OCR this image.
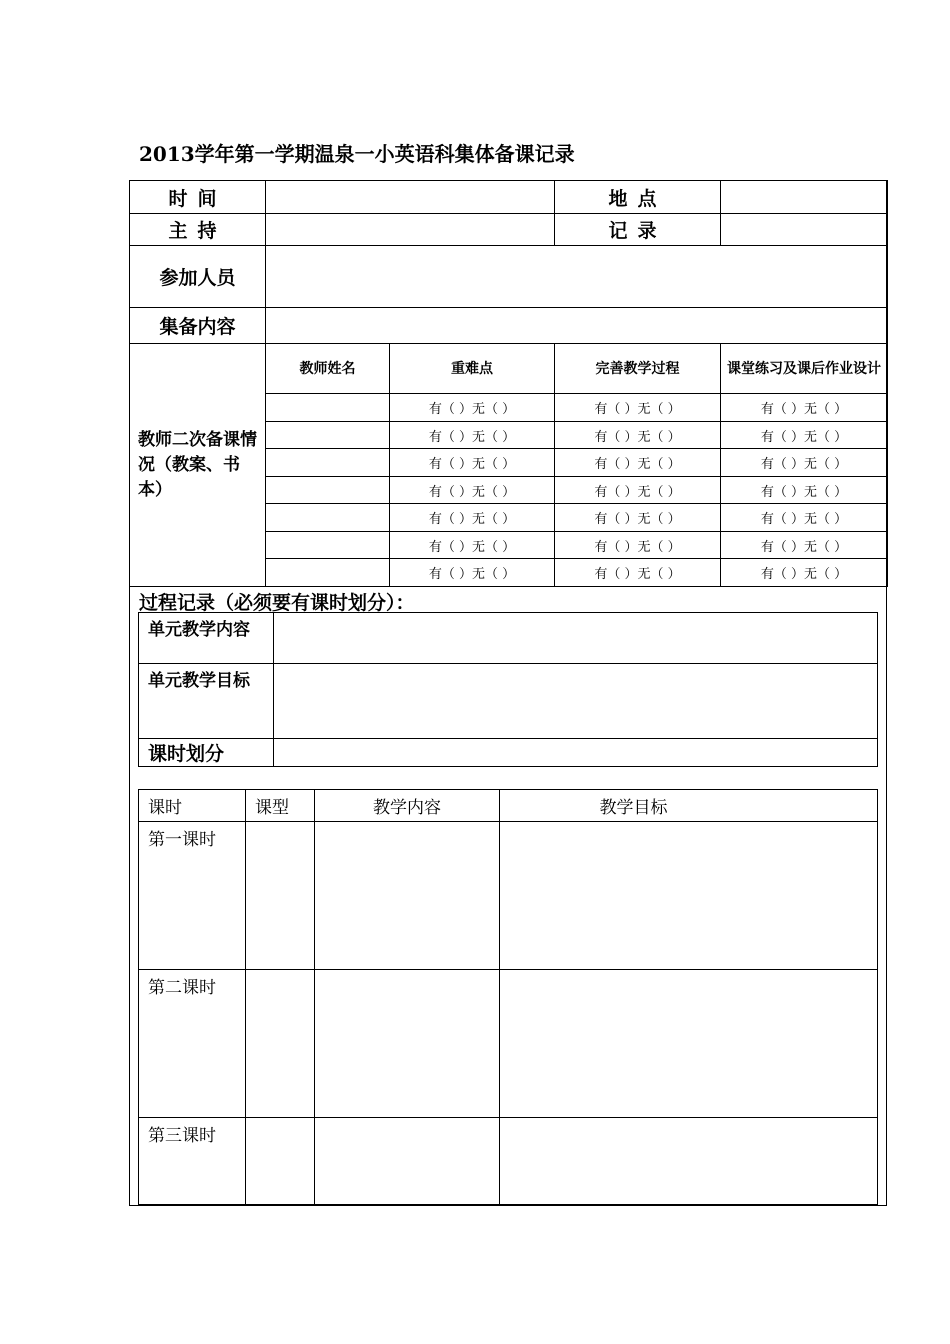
2013学年第一学期温泉一小英语科集体备课记录
时间			地点	
主持			记录	
参加人员				
集备内容				
教师二次备课情况（教案、书本）	教师姓名	重难点	完善教学过程	课堂练习及课后作业设计
		有（ ）无（ ）	有（ ）无（ ）	有（ ）无（ ）
		有（ ）无（ ）	有（ ）无（ ）	有（ ）无（ ）
		有（ ）无（ ）	有（ ）无（ ）	有（ ）无（ ）
		有（ ）无（ ）	有（ ）无（ ）	有（ ）无（ ）
		有（ ）无（ ）	有（ ）无（ ）	有（ ）无（ ）
		有（ ）无（ ）	有（ ）无（ ）	有（ ）无（ ）
		有（ ）无（ ）	有（ ）无（ ）	有（ ）无（ ）
过程记录（必须要有课时划分）：
单元教学内容	
单元教学目标	
课时划分	
课时	课型	教学内容	教学目标
第一课时			
第二课时			
第三课时			
